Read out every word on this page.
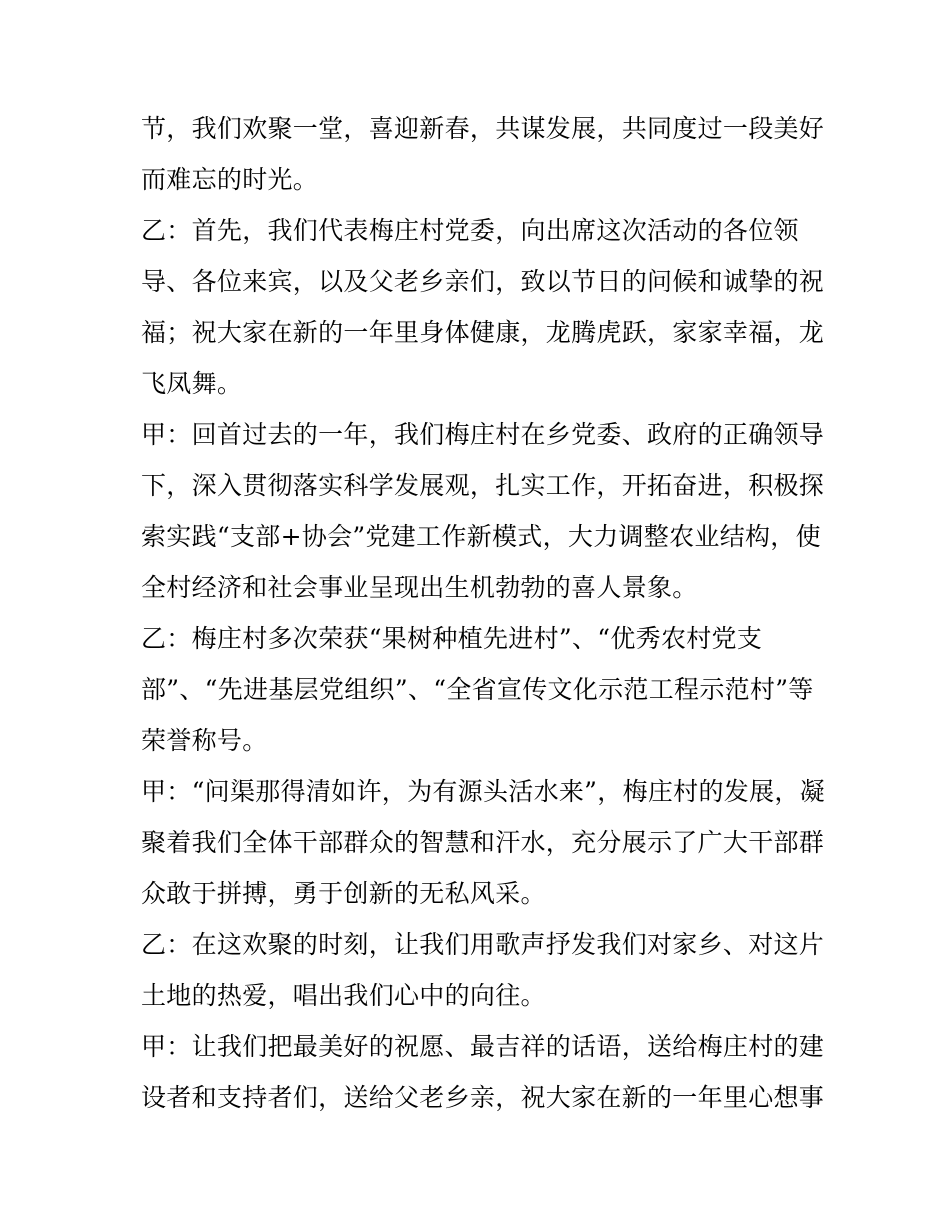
节，我们欢聚一堂，喜迎新春，共谋发展，共同度过一段美好
而难忘的时光。
乙：首先，我们代表梅庄村党委，向出席这次活动的各位领
导、各位来宾，以及父老乡亲们，致以节日的问候和诚挚的祝
福；祝大家在新的一年里身体健康，龙腾虎跃，家家幸福，龙
飞凤舞。
甲：回首过去的一年，我们梅庄村在乡党委、政府的正确领导
下，深入贯彻落实科学发展观，扎实工作，开拓奋进，积极探
索实践“支部+协会”党建工作新模式，大力调整农业结构，使
全村经济和社会事业呈现出生机勃勃的喜人景象。
乙：梅庄村多次荣获“果树种植先进村”、“优秀农村党支
部”、“先进基层党组织”、“全省宣传文化示范工程示范村”等
荣誉称号。
甲：“问渠那得清如许，为有源头活水来”，梅庄村的发展，凝
聚着我们全体干部群众的智慧和汗水，充分展示了广大干部群
众敢于拼搏，勇于创新的无私风采。
乙：在这欢聚的时刻，让我们用歌声抒发我们对家乡、对这片
土地的热爱，唱出我们心中的向往。
甲：让我们把最美好的祝愿、最吉祥的话语，送给梅庄村的建
设者和支持者们，送给父老乡亲，祝大家在新的一年里心想事
